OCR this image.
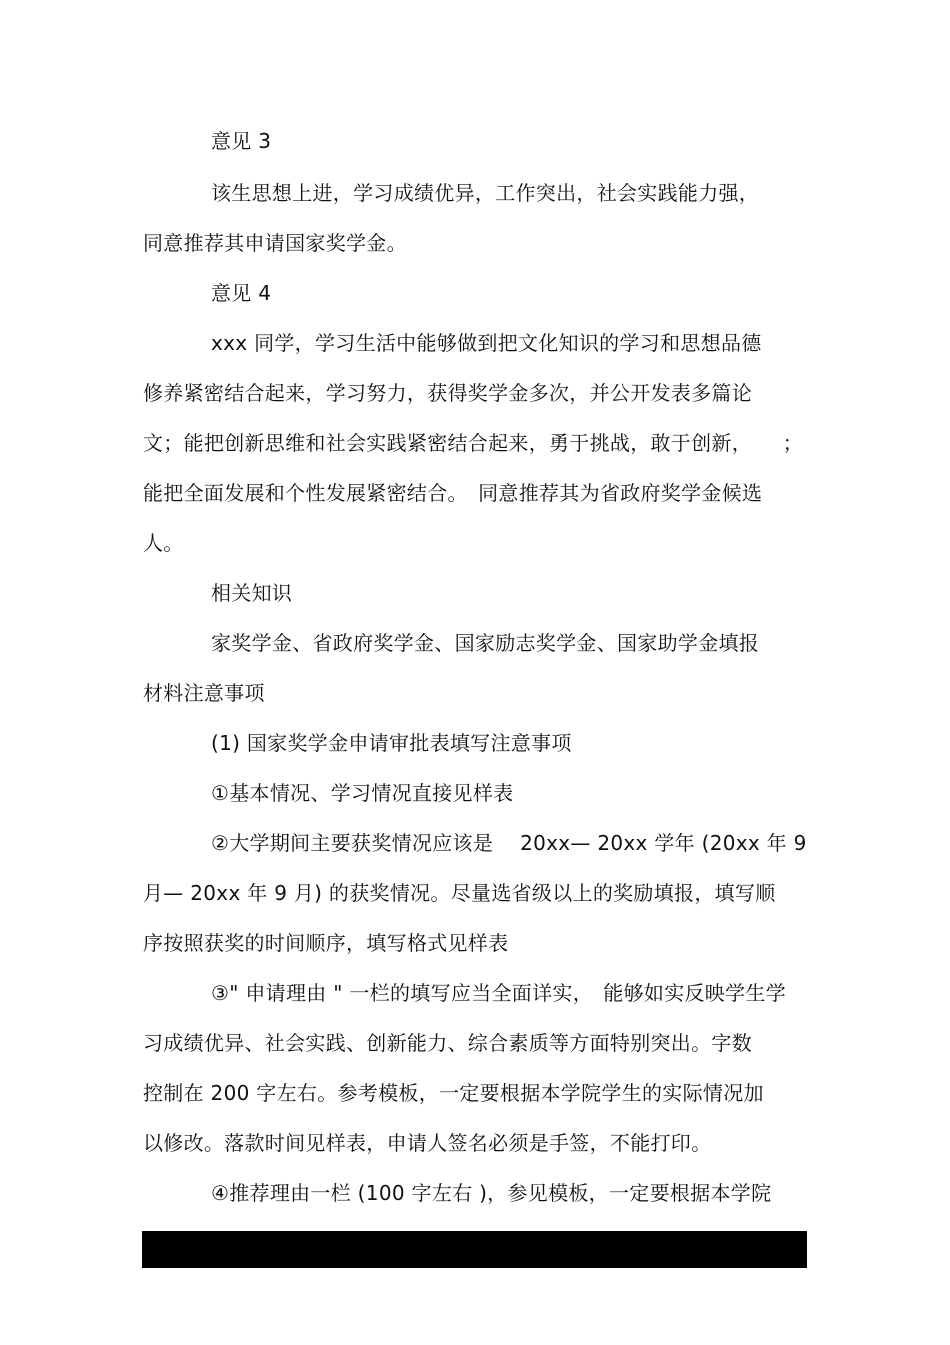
意见 3
该生思想上进，学习成绩优异，工作突出，社会实践能力强，
同意推荐其申请国家奖学金。
意见 4
xxx 同学，学习生活中能够做到把文化知识的学习和思想品德
修养紧密结合起来，学习努力，获得奖学金多次，并公开发表多篇论
文；能把创新思维和社会实践紧密结合起来，勇于挑战，敢于创新，　　；
能把全面发展和个性发展紧密结合。　同意推荐其为省政府奖学金候选
人。
相关知识
家奖学金、省政府奖学金、国家励志奖学金、国家助学金填报
材料注意事项
(1) 国家奖学金申请审批表填写注意事项
①基本情况、学习情况直接见样表
②大学期间主要获奖情况应该是　 20xx— 20xx 学年 (20xx 年 9
月— 20xx 年 9 月) 的获奖情况。尽量选省级以上的奖励填报，填写顺
序按照获奖的时间顺序，填写格式见样表
③" 申请理由 " 一栏的填写应当全面详实，　能够如实反映学生学
习成绩优异、社会实践、创新能力、综合素质等方面特别突出。字数
控制在 200 字左右。参考模板，一定要根据本学院学生的实际情况加
以修改。落款时间见样表，申请人签名必须是手签，不能打印。
④推荐理由一栏 (100 字左右 )，参见模板，一定要根据本学院
